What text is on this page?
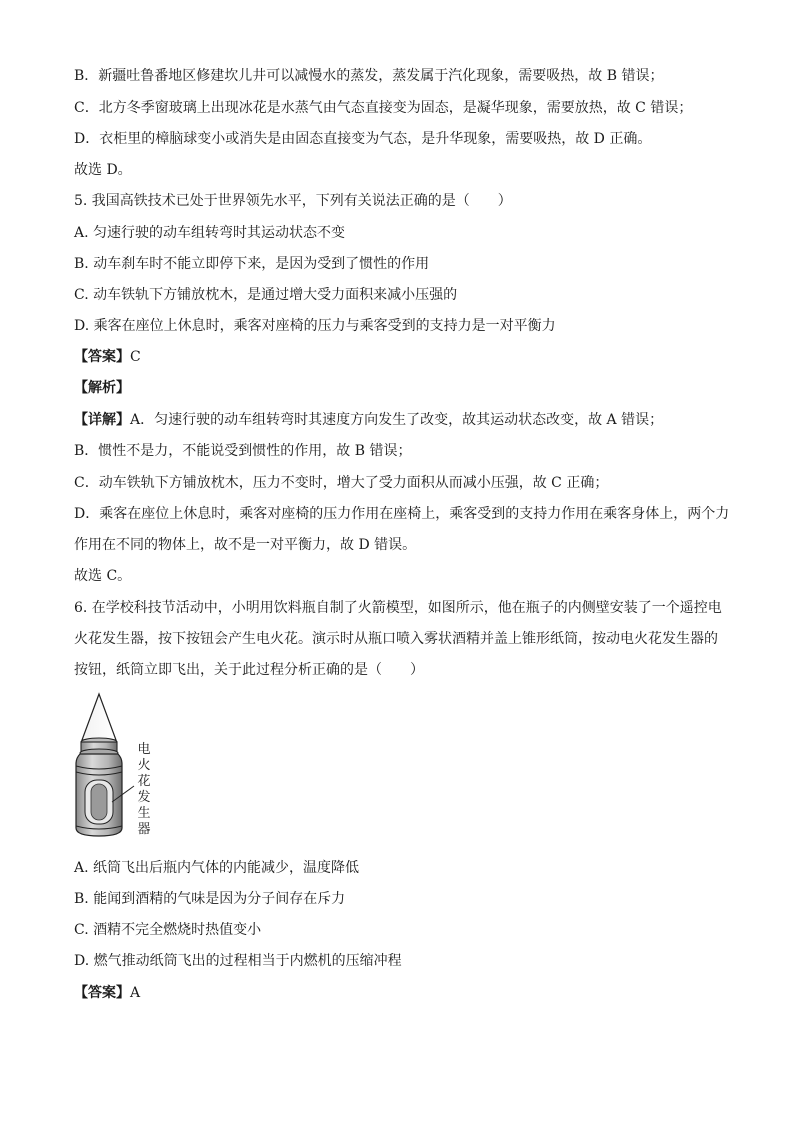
B．新疆吐鲁番地区修建坎儿井可以减慢水的蒸发，蒸发属于汽化现象，需要吸热，故 B 错误；
C．北方冬季窗玻璃上出现冰花是水蒸气由气态直接变为固态，是凝华现象，需要放热，故 C 错误；
D．衣柜里的樟脑球变小或消失是由固态直接变为气态，是升华现象，需要吸热，故 D 正确。
故选 D。
5. 我国高铁技术已处于世界领先水平，下列有关说法正确的是（　　）
A. 匀速行驶的动车组转弯时其运动状态不变
B. 动车刹车时不能立即停下来，是因为受到了惯性的作用
C. 动车铁轨下方铺放枕木，是通过增大受力面积来减小压强的
D. 乘客在座位上休息时，乘客对座椅的压力与乘客受到的支持力是一对平衡力
【答案】C
【解析】
【详解】A．匀速行驶的动车组转弯时其速度方向发生了改变，故其运动状态改变，故 A 错误；
B．惯性不是力，不能说受到惯性的作用，故 B 错误；
C．动车铁轨下方铺放枕木，压力不变时，增大了受力面积从而减小压强，故 C 正确；
D．乘客在座位上休息时，乘客对座椅的压力作用在座椅上，乘客受到的支持力作用在乘客身体上，两个力
作用在不同的物体上，故不是一对平衡力，故 D 错误。
故选 C。
6. 在学校科技节活动中，小明用饮料瓶自制了火箭模型，如图所示，他在瓶子的内侧壁安装了一个遥控电
火花发生器，按下按钮会产生电火花。演示时从瓶口喷入雾状酒精并盖上锥形纸筒，按动电火花发生器的
按钮，纸筒立即飞出，关于此过程分析正确的是（　　）
电
火
花
发
生
器
A. 纸筒飞出后瓶内气体的内能减少，温度降低
B. 能闻到酒精的气味是因为分子间存在斥力
C. 酒精不完全燃烧时热值变小
D. 燃气推动纸筒飞出的过程相当于内燃机的压缩冲程
【答案】A
